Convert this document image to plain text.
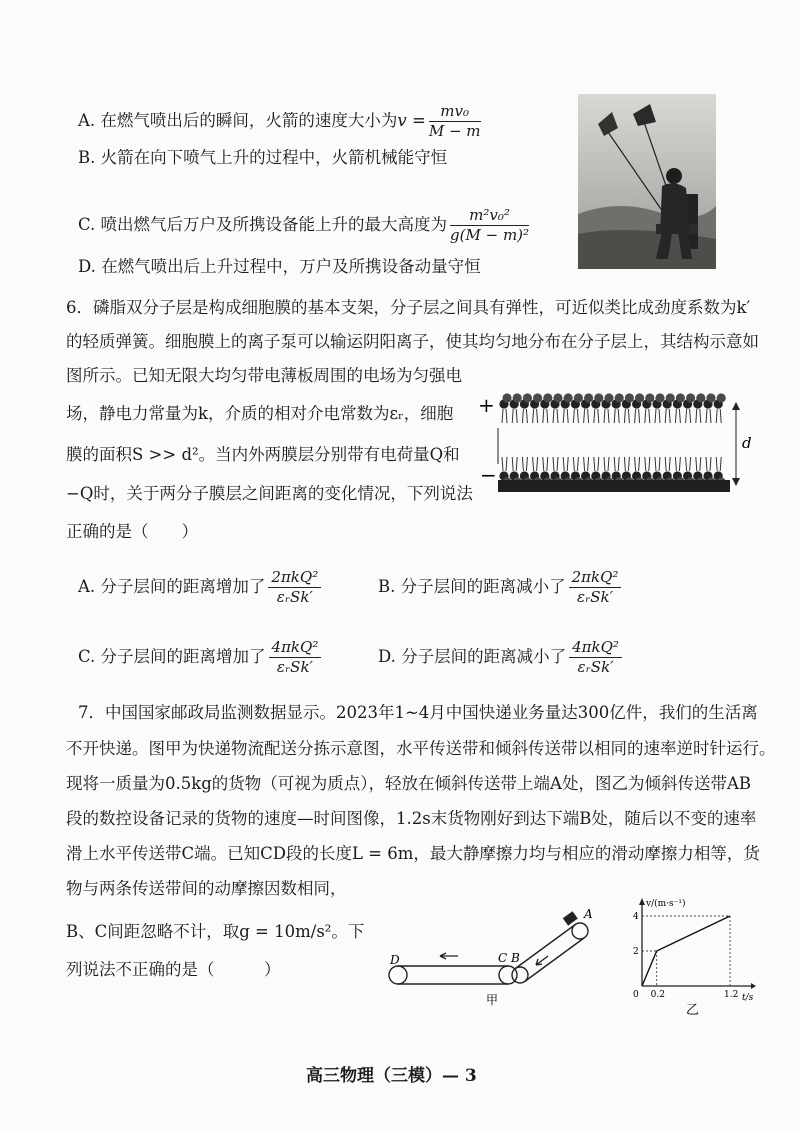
A. 在燃气喷出后的瞬间，火箭的速度大小为$v = \frac{\text{mv₀}}{M - m}$
B. 火箭在向下喷气上升的过程中，火箭机械能守恒
C. 喷出燃气后万户及所携设备能上升的最大高度为 $\frac{\text{m²v₀²}}{\text{g(M − m)²}}$
D. 在燃气喷出后上升过程中，万户及所携设备动量守恒
6．磷脂双分子层是构成细胞膜的基本支架，分子层之间具有弹性，可近似类比成劲度系数为k′
的轻质弹簧。细胞膜上的离子泵可以输运阴阳离子，使其均匀地分布在分子层上，其结构示意如
图所示。已知无限大均匀带电薄板周围的电场为匀强电
场，静电力常量为k，介质的相对介电常数为εᵣ，细胞
膜的面积S >> d²。当内外两膜层分别带有电荷量Q和
−Q时，关于两分子膜层之间距离的变化情况，下列说法
正确的是（　　）
+
−
d
A. 分子层间的距离增加了 $\frac{\text{2πkQ²}}{\text{εᵣSk′}}$	B. 分子层间的距离减小了 $\frac{\text{2πkQ²}}{\text{εᵣSk′}}$
C. 分子层间的距离增加了 $\frac{\text{4πkQ²}}{\text{εᵣSk′}}$	D. 分子层间的距离减小了 $\frac{\text{4πkQ²}}{\text{εᵣSk′}}$
7．中国国家邮政局监测数据显示。2023年1~4月中国快递业务量达300亿件，我们的生活离
不开快递。图甲为快递物流配送分拣示意图，水平传送带和倾斜传送带以相同的速率逆时针运行。
现将一质量为0.5kg的货物（可视为质点），轻放在倾斜传送带上端A处，图乙为倾斜传送带AB
段的数控设备记录的货物的速度—时间图像，1.2s末货物刚好到达下端B处，随后以不变的速率
滑上水平传送带C端。已知CD段的长度L = 6m，最大静摩擦力均与相应的滑动摩擦力相等，货
物与两条传送带间的动摩擦因数相同，
B、C间距忽略不计，取g = 10m/s²。下
列说法不正确的是（　　　）	D	C B
A
甲	0 0.2	1.2
2
4
v/(m·s⁻¹)
t/s
乙
高三物理（三模）— 3
